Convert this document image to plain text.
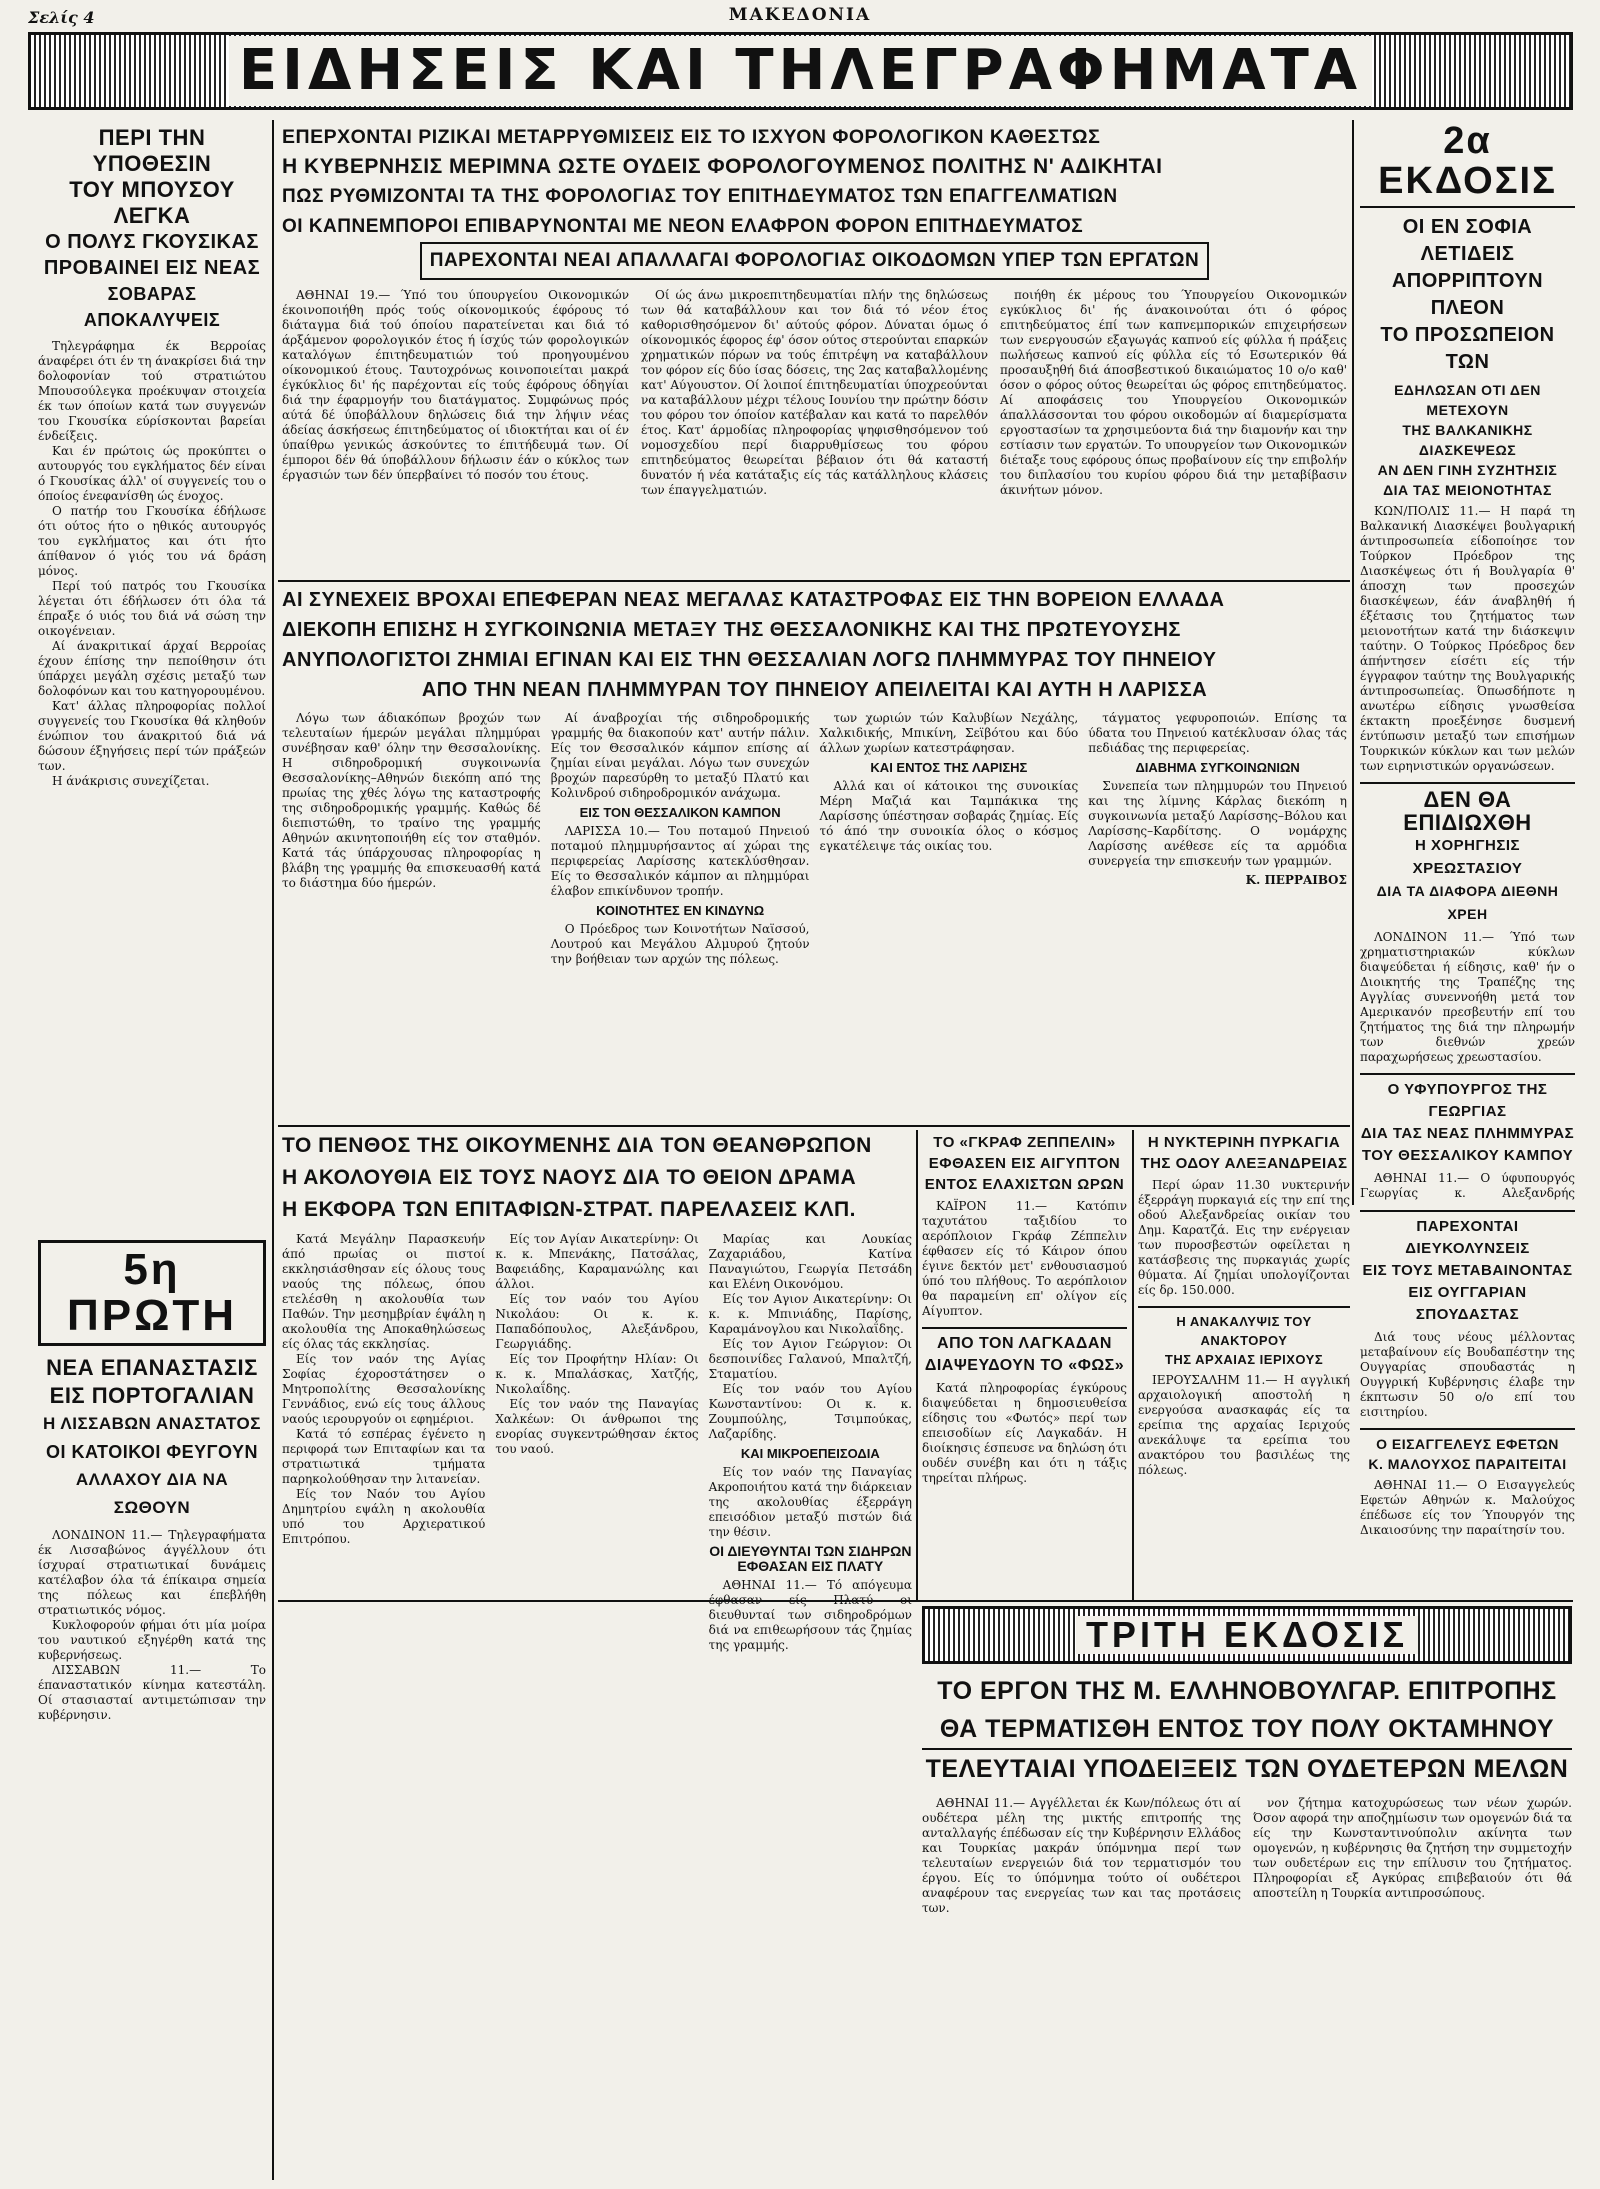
Σελίς 4	ΜΑΚΕΔΟΝΙΑ
ΕΙΔΗΣΕΙΣ ΚΑΙ ΤΗΛΕΓΡΑΦΗΜΑΤΑ
ΠΕΡΙ ΤΗΝ ΥΠΟΘΕΣΙΝ
ΤΟΥ ΜΠΟΥΣΟΥ ΛΕΓΚΑ
Ο ΠΟΛΥΣ ΓΚΟΥΣΙΚΑΣ
ΠΡΟΒΑΙΝΕΙ ΕΙΣ ΝΕΑΣ
ΣΟΒΑΡΑΣ ΑΠΟΚΑΛΥΨΕΙΣ

Τηλεγράφημα έκ Βερροίας άναφέρει ότι έν τη άνακρίσει διά την δολοφονίαν τού στρατιώτου Μπουσούλεγκα προέκυψαν στοιχεία έκ των όποίων κατά των συγγενών του Γκουσίκα εύρίσκονται βαρείαι ένδείξεις.

Και έν πρώτοις ώς προκύπτει ο αυτουργός του εγκλήματος δέν είναι ό Γκουσίκας άλλ' οί συγγενείς του ο όποίος ένεφανίσθη ώς ένοχος.

Ο πατήρ του Γκουσίκα έδήλωσε ότι ούτος ήτο ο ηθικός αυτουργός του εγκλήματος και ότι ήτο άπίθανον ό γιός του νά δράση μόνος.

Περί τού πατρός του Γκουσίκα λέγεται ότι έδήλωσεν ότι όλα τά έπραξε ό υιός του διά νά σώση την οικογένειαν.

Αί άνακριτικαί άρχαί Βερροίας έχουν έπίσης την πεποίθησιν ότι ύπάρχει μεγάλη σχέσις μεταξύ των δολοφόνων και του κατηγορουμένου.

Κατ' άλλας πληροφορίας πολλοί συγγενείς του Γκουσίκα θά κληθούν ένώπιον του άνακριτού διά νά δώσουν έξηγήσεις περί τών πράξεών των.

Η άνάκρισις συνεχίζεται.

5η ΠΡΩΤΗ
ΝΕΑ ΕΠΑΝΑΣΤΑΣΙΣ
ΕΙΣ ΠΟΡΤΟΓΑΛΙΑΝ
Η ΛΙΣΣΑΒΩΝ ΑΝΑΣΤΑΤΟΣ
ΟΙ ΚΑΤΟΙΚΟΙ ΦΕΥΓΟΥΝ
ΑΛΛΑΧΟΥ ΔΙΑ ΝΑ ΣΩΘΟΥΝ

ΛΟΝΔΙΝΟΝ 11.— Τηλεγραφήματα έκ Λισσαβώνος άγγέλλουν ότι ίσχυραί στρατιωτικαί δυνάμεις κατέλαβον όλα τά έπίκαιρα σημεία της πόλεως και έπεβλήθη στρατιωτικός νόμος.

Κυκλοφορούν φήμαι ότι μία μοίρα του ναυτικού εξηγέρθη κατά της κυβερνήσεως.

ΛΙΣΣΑΒΩΝ 11.— Το έπαναστατικόν κίνημα κατεστάλη. Οί στασιασταί αντιμετώπισαν την κυβέρνησιν.

ΕΠΕΡΧΟΝΤΑΙ ΡΙΖΙΚΑΙ ΜΕΤΑΡΡΥΘΜΙΣΕΙΣ ΕΙΣ ΤΟ ΙΣΧΥΟΝ ΦΟΡΟΛΟΓΙΚΟΝ ΚΑΘΕΣΤΩΣ
Η ΚΥΒΕΡΝΗΣΙΣ ΜΕΡΙΜΝΑ ΩΣΤΕ ΟΥΔΕΙΣ ΦΟΡΟΛΟΓΟΥΜΕΝΟΣ ΠΟΛΙΤΗΣ Ν' ΑΔΙΚΗΤΑΙ
ΠΩΣ ΡΥΘΜΙΖΟΝΤΑΙ ΤΑ ΤΗΣ ΦΟΡΟΛΟΓΙΑΣ ΤΟΥ ΕΠΙΤΗΔΕΥΜΑΤΟΣ ΤΩΝ ΕΠΑΓΓΕΛΜΑΤΙΩΝ
ΟΙ ΚΑΠΝΕΜΠΟΡΟΙ ΕΠΙΒΑΡΥΝΟΝΤΑΙ ΜΕ ΝΕΟΝ ΕΛΑΦΡΟΝ ΦΟΡΟΝ ΕΠΙΤΗΔΕΥΜΑΤΟΣ
ΠΑΡΕΧΟΝΤΑΙ ΝΕΑΙ ΑΠΑΛΛΑΓΑΙ ΦΟΡΟΛΟΓΙΑΣ ΟΙΚΟΔΟΜΩΝ ΥΠΕΡ ΤΩΝ ΕΡΓΑΤΩΝ

ΑΘΗΝΑΙ 19.— Ύπό του ύπουργείου Οικονομικών έκοινοποιήθη πρός τούς οίκονομικούς έφόρους τό διάταγμα διά τού όποίου παρατείνεται και διά τό άρξάμενον φορολογικόν έτος ή ίσχύς τών φορολογικών καταλόγων έπιτηδευματιών τού προηγουμένου οίκονομικού έτους. Ταυτοχρόνως κοινοποιείται μακρά έγκύκλιος δι' ής παρέχονται είς τούς έφόρους όδηγίαι διά την έφαρμογήν του διατάγματος. Συμφώνως πρός αύτά δέ ύποβάλλουν δηλώσεις διά την λήψιν νέας άδείας άσκήσεως έπιτηδεύματος οί ιδιοκτήται και οί έν ύπαίθρω γενικώς άσκούντες το έπιτήδευμά των. Οί έμποροι δέν θά ύποβάλλουν δήλωσιν έάν ο κύκλος των έργασιών των δέν ύπερβαίνει τό ποσόν του έτους.

Οί ώς άνω μικροεπιτηδευματίαι πλήν της δηλώσεως των θά καταβάλλουν και τον διά τό νέον έτος καθορισθησόμενον δι' αύτούς φόρον. Δύναται όμως ό οίκονομικός έφορος έφ' όσον ούτος στερούνται επαρκών χρηματικών πόρων να τούς έπιτρέψη να καταβάλλουν τον φόρον είς δύο ίσας δόσεις, της 2ας καταβαλλομένης κατ' Αύγουστον. Οί λοιποί έπιτηδευματίαι ύποχρεούνται να καταβάλλουν μέχρι τέλους Ιουνίου την πρώτην δόσιν του φόρου τον όποίον κατέβαλαν και κατά το παρελθόν έτος. Κατ' άρμοδίας πληροφορίας ψηφισθησόμενον τού νομοσχεδίου περί διαρρυθμίσεως του φόρου επιτηδεύματος θεωρείται βέβαιον ότι θά καταστή δυνατόν ή νέα κατάταξις είς τάς κατάλληλους κλάσεις των έπαγγελματιών.

ποιήθη έκ μέρους του Ύπουργείου Οικονομικών εγκύκλιος δι' ής άνακοινούται ότι ό φόρος επιτηδεύματος έπί των καπνεμπορικών επιχειρήσεων των ενεργουσών εξαγωγάς καπνού είς φύλλα ή πράξεις πωλήσεως καπνού είς φύλλα είς τό Εσωτερικόν θά προσαυξηθή διά άποσβεστικού δικαιώματος 10 ο/ο καθ' όσον ο φόρος ούτος θεωρείται ώς φόρος επιτηδεύματος. Αί αποφάσεις του Υπουργείου Οικονομικών άπαλλάσσονται του φόρου οικοδομών αί διαμερίσματα εργοστασίων τα χρησιμεύοντα διά την διαμονήν και την εστίασιν των εργατών. Το υπουργείον των Οικονομικών διέταξε τους εφόρους όπως προβαίνουν είς την επιβολήν του διπλασίου του κυρίου φόρου διά την μεταβίβασιν άκινήτων μόνον.

2α ΕΚΔΟΣΙΣ
ΟΙ ΕΝ ΣΟΦΙΑ ΛΕΤΙΔΕΙΣ
ΑΠΟΡΡΙΠΤΟΥΝ ΠΛΕΟΝ
ΤΟ ΠΡΟΣΩΠΕΙΟΝ ΤΩΝ
ΕΔΗΛΩΣΑΝ ΟΤΙ ΔΕΝ ΜΕΤΕΧΟΥΝ
ΤΗΣ ΒΑΛΚΑΝΙΚΗΣ ΔΙΑΣΚΕΨΕΩΣ
ΑΝ ΔΕΝ ΓΙΝΗ ΣΥΖΗΤΗΣΙΣ
ΔΙΑ ΤΑΣ ΜΕΙΟΝΟΤΗΤΑΣ

ΚΩΝ/ΠΟΛΙΣ 11.— Η παρά τη Βαλκανική Διασκέψει βουλγαρική άντιπροσωπεία είδοποίησε τον Τούρκον Πρόεδρον της Διασκέψεως ότι ή Βουλγαρία θ' άποσχη των προσεχών διασκέψεων, έάν άναβληθή ή έξέτασις του ζητήματος των μειονοτήτων κατά την διάσκεψιν ταύτην. Ο Τούρκος Πρόεδρος δεν άπήντησεν είσέτι είς τήν έγγραφον ταύτην της Βουλγαρικής άντιπροσωπείας. Όπωσδήποτε η ανωτέρω είδησις γνωσθείσα έκτακτη προεξένησε δυσμενή έντύπωσιν μεταξύ των επισήμων Τουρκικών κύκλων και των μελών των ειρηνιστικών οργανώσεων.

ΔΕΝ ΘΑ ΕΠΙΔΙΩΧΘΗ
Η ΧΟΡΗΓΗΣΙΣ ΧΡΕΩΣΤΑΣΙΟΥ
ΔΙΑ ΤΑ ΔΙΑΦΟΡΑ ΔΙΕΘΝΗ ΧΡΕΗ

ΛΟΝΔΙΝΟΝ 11.— Ύπό των χρηματιστηριακών κύκλων διαψεύδεται ή είδησις, καθ' ήν ο Διοικητής της Τραπέζης της Αγγλίας συνεννοήθη μετά τον Αμερικανόν πρεσβευτήν επί του ζητήματος της διά την πληρωμήν των διεθνών χρεών παραχωρήσεως χρεωστασίου.

Ο ΥΦΥΠΟΥΡΓΟΣ ΤΗΣ ΓΕΩΡΓΙΑΣ
ΔΙΑ ΤΑΣ ΝΕΑΣ ΠΛΗΜΜΥΡΑΣ
ΤΟΥ ΘΕΣΣΑΛΙΚΟΥ ΚΑΜΠΟΥ

ΑΘΗΝΑΙ 11.— Ο ύφυπουργός Γεωργίας κ. Αλεξανδρής

ΠΑΡΕΧΟΝΤΑΙ ΔΙΕΥΚΟΛΥΝΣΕΙΣ
ΕΙΣ ΤΟΥΣ ΜΕΤΑΒΑΙΝΟΝΤΑΣ
ΕΙΣ ΟΥΓΓΑΡΙΑΝ ΣΠΟΥΔΑΣΤΑΣ

Διά τους νέους μέλλοντας μεταβαίνουν είς Βουδαπέστην της Ουγγαρίας σπουδαστάς η Ουγγρική Κυβέρνησις έλαβε την έκπτωσιν 50 ο/ο επί του εισιτηρίου.

Ο ΕΙΣΑΓΓΕΛΕΥΣ ΕΦΕΤΩΝ
Κ. ΜΑΛΟΥΧΟΣ ΠΑΡΑΙΤΕΙΤΑΙ

ΑΘΗΝΑΙ 11.— Ο Εισαγγελεύς Εφετών Αθηνών κ. Μαλούχος έπέδωσε είς τον Ύπουργόν της Δικαιοσύνης την παραίτησίν του.

ΑΙ ΣΥΝΕΧΕΙΣ ΒΡΟΧΑΙ ΕΠΕΦΕΡΑΝ ΝΕΑΣ ΜΕΓΑΛΑΣ ΚΑΤΑΣΤΡΟΦΑΣ ΕΙΣ ΤΗΝ ΒΟΡΕΙΟΝ ΕΛΛΑΔΑ
ΔΙΕΚΟΠΗ ΕΠΙΣΗΣ Η ΣΥΓΚΟΙΝΩΝΙΑ ΜΕΤΑΞΥ ΤΗΣ ΘΕΣΣΑΛΟΝΙΚΗΣ ΚΑΙ ΤΗΣ ΠΡΩΤΕΥΟΥΣΗΣ
ΑΝΥΠΟΛΟΓΙΣΤΟΙ ΖΗΜΙΑΙ ΕΓΙΝΑΝ ΚΑΙ ΕΙΣ ΤΗΝ ΘΕΣΣΑΛΙΑΝ ΛΟΓΩ ΠΛΗΜΜΥΡΑΣ ΤΟΥ ΠΗΝΕΙΟΥ
ΑΠΟ ΤΗΝ ΝΕΑΝ ΠΛΗΜΜΥΡΑΝ ΤΟΥ ΠΗΝΕΙΟΥ ΑΠΕΙΛΕΙΤΑΙ ΚΑΙ ΑΥΤΗ Η ΛΑΡΙΣΣΑ

Λόγω των άδιακόπων βροχών των τελευταίων ήμερών μεγάλαι πλημμύραι συνέβησαν καθ' όλην την Θεσσαλονίκης. Η σιδηροδρομική συγκοινωνία Θεσσαλονίκης–Αθηνών διεκόπη από της πρωίας της χθές λόγω της καταστροφής της σιδηροδρομικής γραμμής. Καθώς δέ διεπιστώθη, το τραίνο της γραμμής Αθηνών ακινητοποιήθη είς τον σταθμόν. Κατά τάς ύπάρχουσας πληροφορίας η βλάβη της γραμμής θα επισκευασθή κατά το διάστημα δύο ήμερών.

Αί άναβροχίαι τής σιδηροδρομικής γραμμής θα διακοπούν κατ' αυτήν πάλιν. Είς τον Θεσσαλικόν κάμπον επίσης αί ζημίαι είναι μεγάλαι. Λόγω των συνεχών βροχών παρεσύρθη το μεταξύ Πλατύ και Κολινδρού σιδηροδρομικόν ανάχωμα.

ΕΙΣ ΤΟΝ ΘΕΣΣΑΛΙΚΟΝ ΚΑΜΠΟΝ

ΛΑΡΙΣΣΑ 10.— Του ποταμού Πηνειού ποταμού πλημμυρήσαντος αί χώραι της περιφερείας Λαρίσσης κατεκλύσθησαν. Είς το Θεσσαλικόν κάμπον αι πλημμύραι έλαβον επικίνδυνον τροπήν.

ΚΟΙΝΟΤΗΤΕΣ ΕΝ ΚΙΝΔΥΝΩ

Ο Πρόεδρος των Κοινοτήτων Ναϊσσού, Λουτρού και Μεγάλου Αλμυρού ζητούν την βοήθειαν των αρχών της πόλεως.

των χωριών τών Καλυβίων Νεχάλης, Χαλκιδικής, Μπικίνη, Σεϊβότου και δύο άλλων χωρίων κατεστράφησαν.

ΚΑΙ ΕΝΤΟΣ ΤΗΣ ΛΑΡΙΣΗΣ

Αλλά και οί κάτοικοι της συνοικίας Μέρη Μαζιά και Ταμπάκικα της Λαρίσσης ύπέστησαν σοβαράς ζημίας. Είς τό άπό την συνοικία όλος ο κόσμος εγκατέλειψε τάς οικίας του.

τάγματος γεφυροποιών. Επίσης τα ύδατα του Πηνειού κατέκλυσαν όλας τάς πεδιάδας της περιφερείας.

ΔΙΑΒΗΜΑ ΣΥΓΚΟΙΝΩΝΙΩΝ

Συνεπεία των πλημμυρών του Πηνειού και της λίμνης Κάρλας διεκόπη η συγκοινωνία μεταξύ Λαρίσσης–Βόλου και Λαρίσσης–Καρδίτσης. Ο νομάρχης Λαρίσσης ανέθεσε είς τα αρμόδια συνεργεία την επισκευήν των γραμμών.

Κ. ΠΕΡΡΑΙΒΟΣ
ΤΟ ΠΕΝΘΟΣ ΤΗΣ ΟΙΚΟΥΜΕΝΗΣ ΔΙΑ ΤΟΝ ΘΕΑΝΘΡΩΠΟΝ
Η ΑΚΟΛΟΥΘΙΑ ΕΙΣ ΤΟΥΣ ΝΑΟΥΣ ΔΙΑ ΤΟ ΘΕΙΟΝ ΔΡΑΜΑ
Η ΕΚΦΟΡΑ ΤΩΝ ΕΠΙΤΑΦΙΩΝ-ΣΤΡΑΤ. ΠΑΡΕΛΑΣΕΙΣ ΚΛΠ.

Κατά Μεγάλην Παρασκευήν άπό πρωίας οι πιστοί εκκλησιάσθησαν είς όλους τους ναούς της πόλεως, όπου ετελέσθη η ακολουθία των Παθών. Την μεσημβρίαν έψάλη η ακολουθία της Αποκαθηλώσεως είς όλας τάς εκκλησίας.

Είς τον ναόν της Αγίας Σοφίας έχοροστάτησεν ο Μητροπολίτης Θεσσαλονίκης Γεννάδιος, ενώ είς τους άλλους ναούς ιερουργούν οι εφημέριοι.

Κατά τό εσπέρας έγένετο η περιφορά των Επιταφίων και τα στρατιωτικά τμήματα παρηκολούθησαν την λιτανείαν.

Είς τον Ναόν του Αγίου Δημητρίου εψάλη η ακολουθία υπό του Αρχιερατικού Επιτρόπου.

Είς τον Αγίαν Αικατερίνην: Οι κ. κ. Μπενάκης, Πατσάλας, Βαφειάδης, Καραμανώλης και άλλοι.

Είς τον ναόν του Αγίου Νικολάου: Οι κ. κ. Παπαδόπουλος, Αλεξάνδρου, Γεωργιάδης.

Είς τον Προφήτην Ηλίαν: Οι κ. κ. Μπαλάσκας, Χατζής, Νικολαΐδης.

Είς τον ναόν της Παναγίας Χαλκέων: Οι άνθρωποι της ενορίας συγκεντρώθησαν έκτος του ναού.

Μαρίας και Λουκίας Ζαχαριάδου, Κατίνα Παναγιώτου, Γεωργία Πετσάδη και Ελένη Οικονόμου.

Είς τον Αγιον Αικατερίνην: Οι κ. κ. Μπινιάδης, Παρίσης, Καραμάνογλου και Νικολαΐδης.

Είς τον Αγιον Γεώργιον: Οι δεσποινίδες Γαλανού, Μπαλτζή, Σταματίου.

Είς τον ναόν του Αγίου Κωνσταντίνου: Οι κ. κ. Ζουμπούλης, Τσιμπούκας, Λαζαρίδης.

ΚΑΙ ΜΙΚΡΟΕΠΕΙΣΟΔΙΑ

Είς τον ναόν της Παναγίας Ακροποιήτου κατά την διάρκειαν της ακολουθίας έξερράγη επεισόδιον μεταξύ πιστών διά την θέσιν.

ΟΙ ΔΙΕΥΘΥΝΤΑΙ ΤΩΝ ΣΙΔΗΡΩΝ ΕΦΘΑΣΑΝ ΕΙΣ ΠΛΑΤΥ

ΑΘΗΝΑΙ 11.— Τό απόγευμα έφθασαν είς Πλατύ οι διευθυνταί των σιδηροδρόμων διά να επιθεωρήσουν τάς ζημίας της γραμμής.

ΤΟ «ΓΚΡΑΦ ΖΕΠΠΕΛΙΝ»
ΕΦΘΑΣΕΝ ΕΙΣ ΑΙΓΥΠΤΟΝ
ΕΝΤΟΣ ΕΛΑΧΙΣΤΩΝ ΩΡΩΝ

ΚΑΪΡΟΝ 11.— Κατόπιν ταχυτάτου ταξιδίου το αερόπλοιον Γκράφ Ζέππελιν έφθασεν είς τό Κάιρον όπου έγινε δεκτόν μετ' ενθουσιασμού ύπό του πλήθους. Το αερόπλοιον θα παραμείνη επ' ολίγον είς Αίγυπτον.

ΑΠΟ ΤΟΝ ΛΑΓΚΑΔΑΝ
ΔΙΑΨΕΥΔΟΥΝ ΤΟ «ΦΩΣ»

Κατά πληροφορίας έγκύρους διαψεύδεται η δημοσιευθείσα είδησις του «Φωτός» περί των επεισοδίων είς Λαγκαδάν. Η διοίκησις έσπευσε να δηλώση ότι ουδέν συνέβη και ότι η τάξις τηρείται πλήρως.

Η ΝΥΚΤΕΡΙΝΗ ΠΥΡΚΑΓΙΑ
ΤΗΣ ΟΔΟΥ ΑΛΕΞΑΝΔΡΕΙΑΣ

Περί ώραν 11.30 νυκτερινήν έξερράγη πυρκαγιά είς την επί της οδού Αλεξανδρείας οικίαν του Δημ. Καρατζά. Εις την ενέργειαν των πυροσβεστών οφείλεται η κατάσβεσις της πυρκαγιάς χωρίς θύματα. Αί ζημίαι υπολογίζονται είς δρ. 150.000.

Η ΑΝΑΚΑΛΥΨΙΣ ΤΟΥ ΑΝΑΚΤΟΡΟΥ
ΤΗΣ ΑΡΧΑΙΑΣ ΙΕΡΙΧΟΥΣ

ΙΕΡΟΥΣΑΛΗΜ 11.— Η αγγλική αρχαιολογική αποστολή η ενεργούσα ανασκαφάς είς τα ερείπια της αρχαίας Ιεριχούς ανεκάλυψε τα ερείπια του ανακτόρου του βασιλέως της πόλεως.

ΤΡΙΤΗ ΕΚΔΟΣΙΣ
ΤΟ ΕΡΓΟΝ ΤΗΣ Μ. ΕΛΛΗΝΟΒΟΥΛΓΑΡ. ΕΠΙΤΡΟΠΗΣ
ΘΑ ΤΕΡΜΑΤΙΣΘΗ ΕΝΤΟΣ ΤΟΥ ΠΟΛΥ ΟΚΤΑΜΗΝΟΥ
ΤΕΛΕΥΤΑΙΑΙ ΥΠΟΔΕΙΞΕΙΣ ΤΩΝ ΟΥΔΕΤΕΡΩΝ ΜΕΛΩΝ

ΑΘΗΝΑΙ 11.— Αγγέλλεται έκ Κων/πόλεως ότι αί ουδέτερα μέλη της μικτής επιτροπής της ανταλλαγής έπέδωσαν είς την Κυβέρνησιν Ελλάδος και Τουρκίας μακράν ύπόμνημα περί των τελευταίων ενεργειών διά τον τερματισμόν του έργου. Είς το ύπόμνημα τούτο οί ουδέτεροι αναφέρουν τας ενεργείας των και τας προτάσεις των.

νον ζήτημα κατοχυρώσεως των νέων χωρών. Όσον αφορά την αποζημίωσιν των ομογενών διά τα είς την Κωνσταντινούπολιν ακίνητα των ομογενών, η κυβέρνησις θα ζητήση την συμμετοχήν των ουδετέρων εις την επίλυσιν του ζητήματος. Πληροφορίαι εξ Αγκύρας επιβεβαιούν ότι θά αποστείλη η Τουρκία αντιπροσώπους.
